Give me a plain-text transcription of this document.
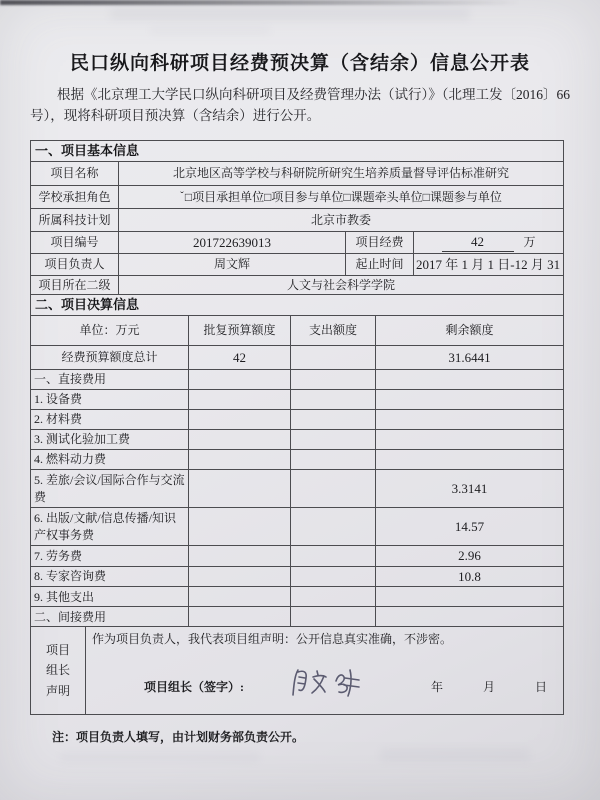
民口纵向科研项目经费预决算（含结余）信息公开表

根据《北京理工大学民口纵向科研项目及经费管理办法（试行）》（北理工发〔2016〕66 号），现将科研项目预决算（含结余）进行公开。

一、项目基本信息			
项目名称	北京地区高等学校与科研院所研究生培养质量督导评估标准研究		
学校承担角色	ˇ□项目承担单位□项目参与单位□课题牵头单位□课题参与单位		
所属科技计划	北京市教委		
项目编号	201722639013	项目经费	42 万
项目负责人	周文辉	起止时间	2017 年 1 月 1 日-12 月 31
项目所在二级	人文与社会科学学院		
二、项目决算信息			
单位：万元	批复预算额度	支出额度	剩余额度
经费预算额度总计	42		31.6441
一、直接费用			
1. 设备费			
2. 材料费			
3. 测试化验加工费			
4. 燃料动力费			
5. 差旅/会议/国际合作与交流费			3.3141
6. 出版/文献/信息传播/知识产权事务费			14.57
7. 劳务费			2.96
8. 专家咨询费			10.8
9. 其他支出			
二、间接费用			
项目
组长
声明

作为项目负责人，我代表项目组声明：公开信息真实准确，不涉密。
项目组长（签字）:	年	月	日
注：项目负责人填写，由计划财务部负责公开。
